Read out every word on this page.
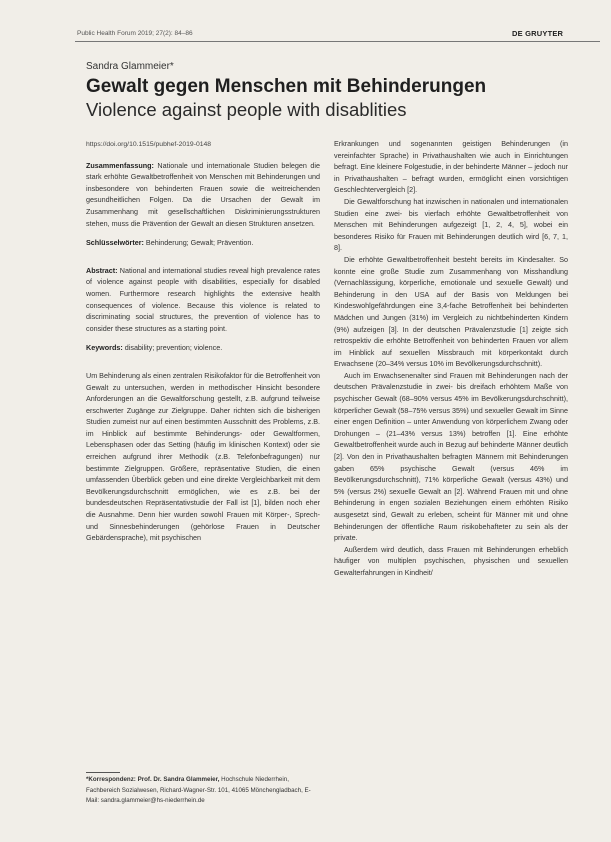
Public Health Forum 2019; 27(2): 84–86	DE GRUYTER
Sandra Glammeier*
Gewalt gegen Menschen mit Behinderungen
Violence against people with disablities

https://doi.org/10.1515/pubhef-2019-0148

Zusammenfassung: Nationale und internationale Studien belegen die stark erhöhte Gewaltbetroffenheit von Menschen mit Behinderungen und insbesondere von behinderten Frauen sowie die weitreichenden gesundheitlichen Folgen. Da die Ursachen der Gewalt im Zusammenhang mit gesellschaftlichen Diskriminierungsstrukturen stehen, muss die Prävention der Gewalt an diesen Strukturen ansetzen.

Schlüsselwörter: Behinderung; Gewalt; Prävention.

Abstract: National and international studies reveal high prevalence rates of violence against people with disabilities, especially for disabled women. Furthermore research highlights the extensive health consequences of violence. Because this violence is related to discriminating social structures, the prevention of violence has to consider these structures as a starting point.

Keywords: disability; prevention; violence.

Um Behinderung als einen zentralen Risikofaktor für die Betroffenheit von Gewalt zu untersuchen, werden in methodischer Hinsicht besondere Anforderungen an die Gewaltforschung gestellt, z.B. aufgrund teilweise erschwerter Zugänge zur Zielgruppe. Daher richten sich die bisherigen Studien zumeist nur auf einen bestimmten Ausschnitt des Problems, z.B. im Hinblick auf bestimmte Behinderungs- oder Gewaltformen, Lebensphasen oder das Setting (häufig im klinischen Kontext) oder sie erreichen aufgrund ihrer Methodik (z.B. Telefonbefragungen) nur bestimmte Zielgruppen. Größere, repräsentative Studien, die einen umfassenden Überblick geben und eine direkte Vergleichbarkeit mit dem Bevölkerungsdurchschnitt ermöglichen, wie es z.B. bei der bundesdeutschen Repräsentativstudie der Fall ist [1], bilden noch eher die Ausnahme. Denn hier wurden sowohl Frauen mit Körper-, Sprech- und Sinnesbehinderungen (gehörlose Frauen in Deutscher Gebärdensprache), mit psychischen

Erkrankungen und sogenannten geistigen Behinderungen (in vereinfachter Sprache) in Privathaushalten wie auch in Einrichtungen befragt. Eine kleinere Folgestudie, in der behinderte Männer – jedoch nur in Privathaushalten – befragt wurden, ermöglicht einen vorsichtigen Geschlechtervergleich [2].

Die Gewaltforschung hat inzwischen in nationalen und internationalen Studien eine zwei- bis vierfach erhöhte Gewaltbetroffenheit von Menschen mit Behinderungen aufgezeigt [1, 2, 4, 5], wobei ein besonderes Risiko für Frauen mit Behinderungen deutlich wird [6, 7, 1, 8].

Die erhöhte Gewaltbetroffenheit besteht bereits im Kindesalter. So konnte eine große Studie zum Zusammenhang von Misshandlung (Vernachlässigung, körperliche, emotionale und sexuelle Gewalt) und Behinderung in den USA auf der Basis von Meldungen bei Kindeswohlgefährdungen eine 3,4-fache Betroffenheit bei behinderten Mädchen und Jungen (31%) im Vergleich zu nichtbehinderten Kindern (9%) aufzeigen [3]. In der deutschen Prävalenzstudie [1] zeigte sich retrospektiv die erhöhte Betroffenheit von behinderten Frauen vor allem im Hinblick auf sexuellen Missbrauch mit körperkontakt durch Erwachsene (20–34% versus 10% im Bevölkerungsdurchschnitt).

Auch im Erwachsenenalter sind Frauen mit Behinderungen nach der deutschen Prävalenzstudie in zwei- bis dreifach erhöhtem Maße von psychischer Gewalt (68–90% versus 45% im Bevölkerungsdurchschnitt), körperlicher Gewalt (58–75% versus 35%) und sexueller Gewalt im Sinne einer engen Definition – unter Anwendung von körperlichem Zwang oder Drohungen – (21–43% versus 13%) betroffen [1]. Eine erhöhte Gewaltbetroffenheit wurde auch in Bezug auf behinderte Männer deutlich [2]. Von den in Privathaushalten befragten Männern mit Behinderungen gaben 65% psychische Gewalt (versus 46% im Bevölkerungsdurchschnitt), 71% körperliche Gewalt (versus 43%) und 5% (versus 2%) sexuelle Gewalt an [2]. Während Frauen mit und ohne Behinderung in engen sozialen Beziehungen einem erhöhten Risiko ausgesetzt sind, Gewalt zu erleben, scheint für Männer mit und ohne Behinderungen der öffentliche Raum risikobehafteter zu sein als der private.

Außerdem wird deutlich, dass Frauen mit Behinderungen erheblich häufiger von multiplen psychischen, physischen und sexuellen Gewalterfahrungen in Kindheit/

*Korrespondenz: Prof. Dr. Sandra Glammeier, Hochschule Niederrhein, Fachbereich Sozialwesen, Richard-Wagner-Str. 101, 41065 Mönchengladbach, E-Mail: sandra.glammeier@hs-niederrhein.de
